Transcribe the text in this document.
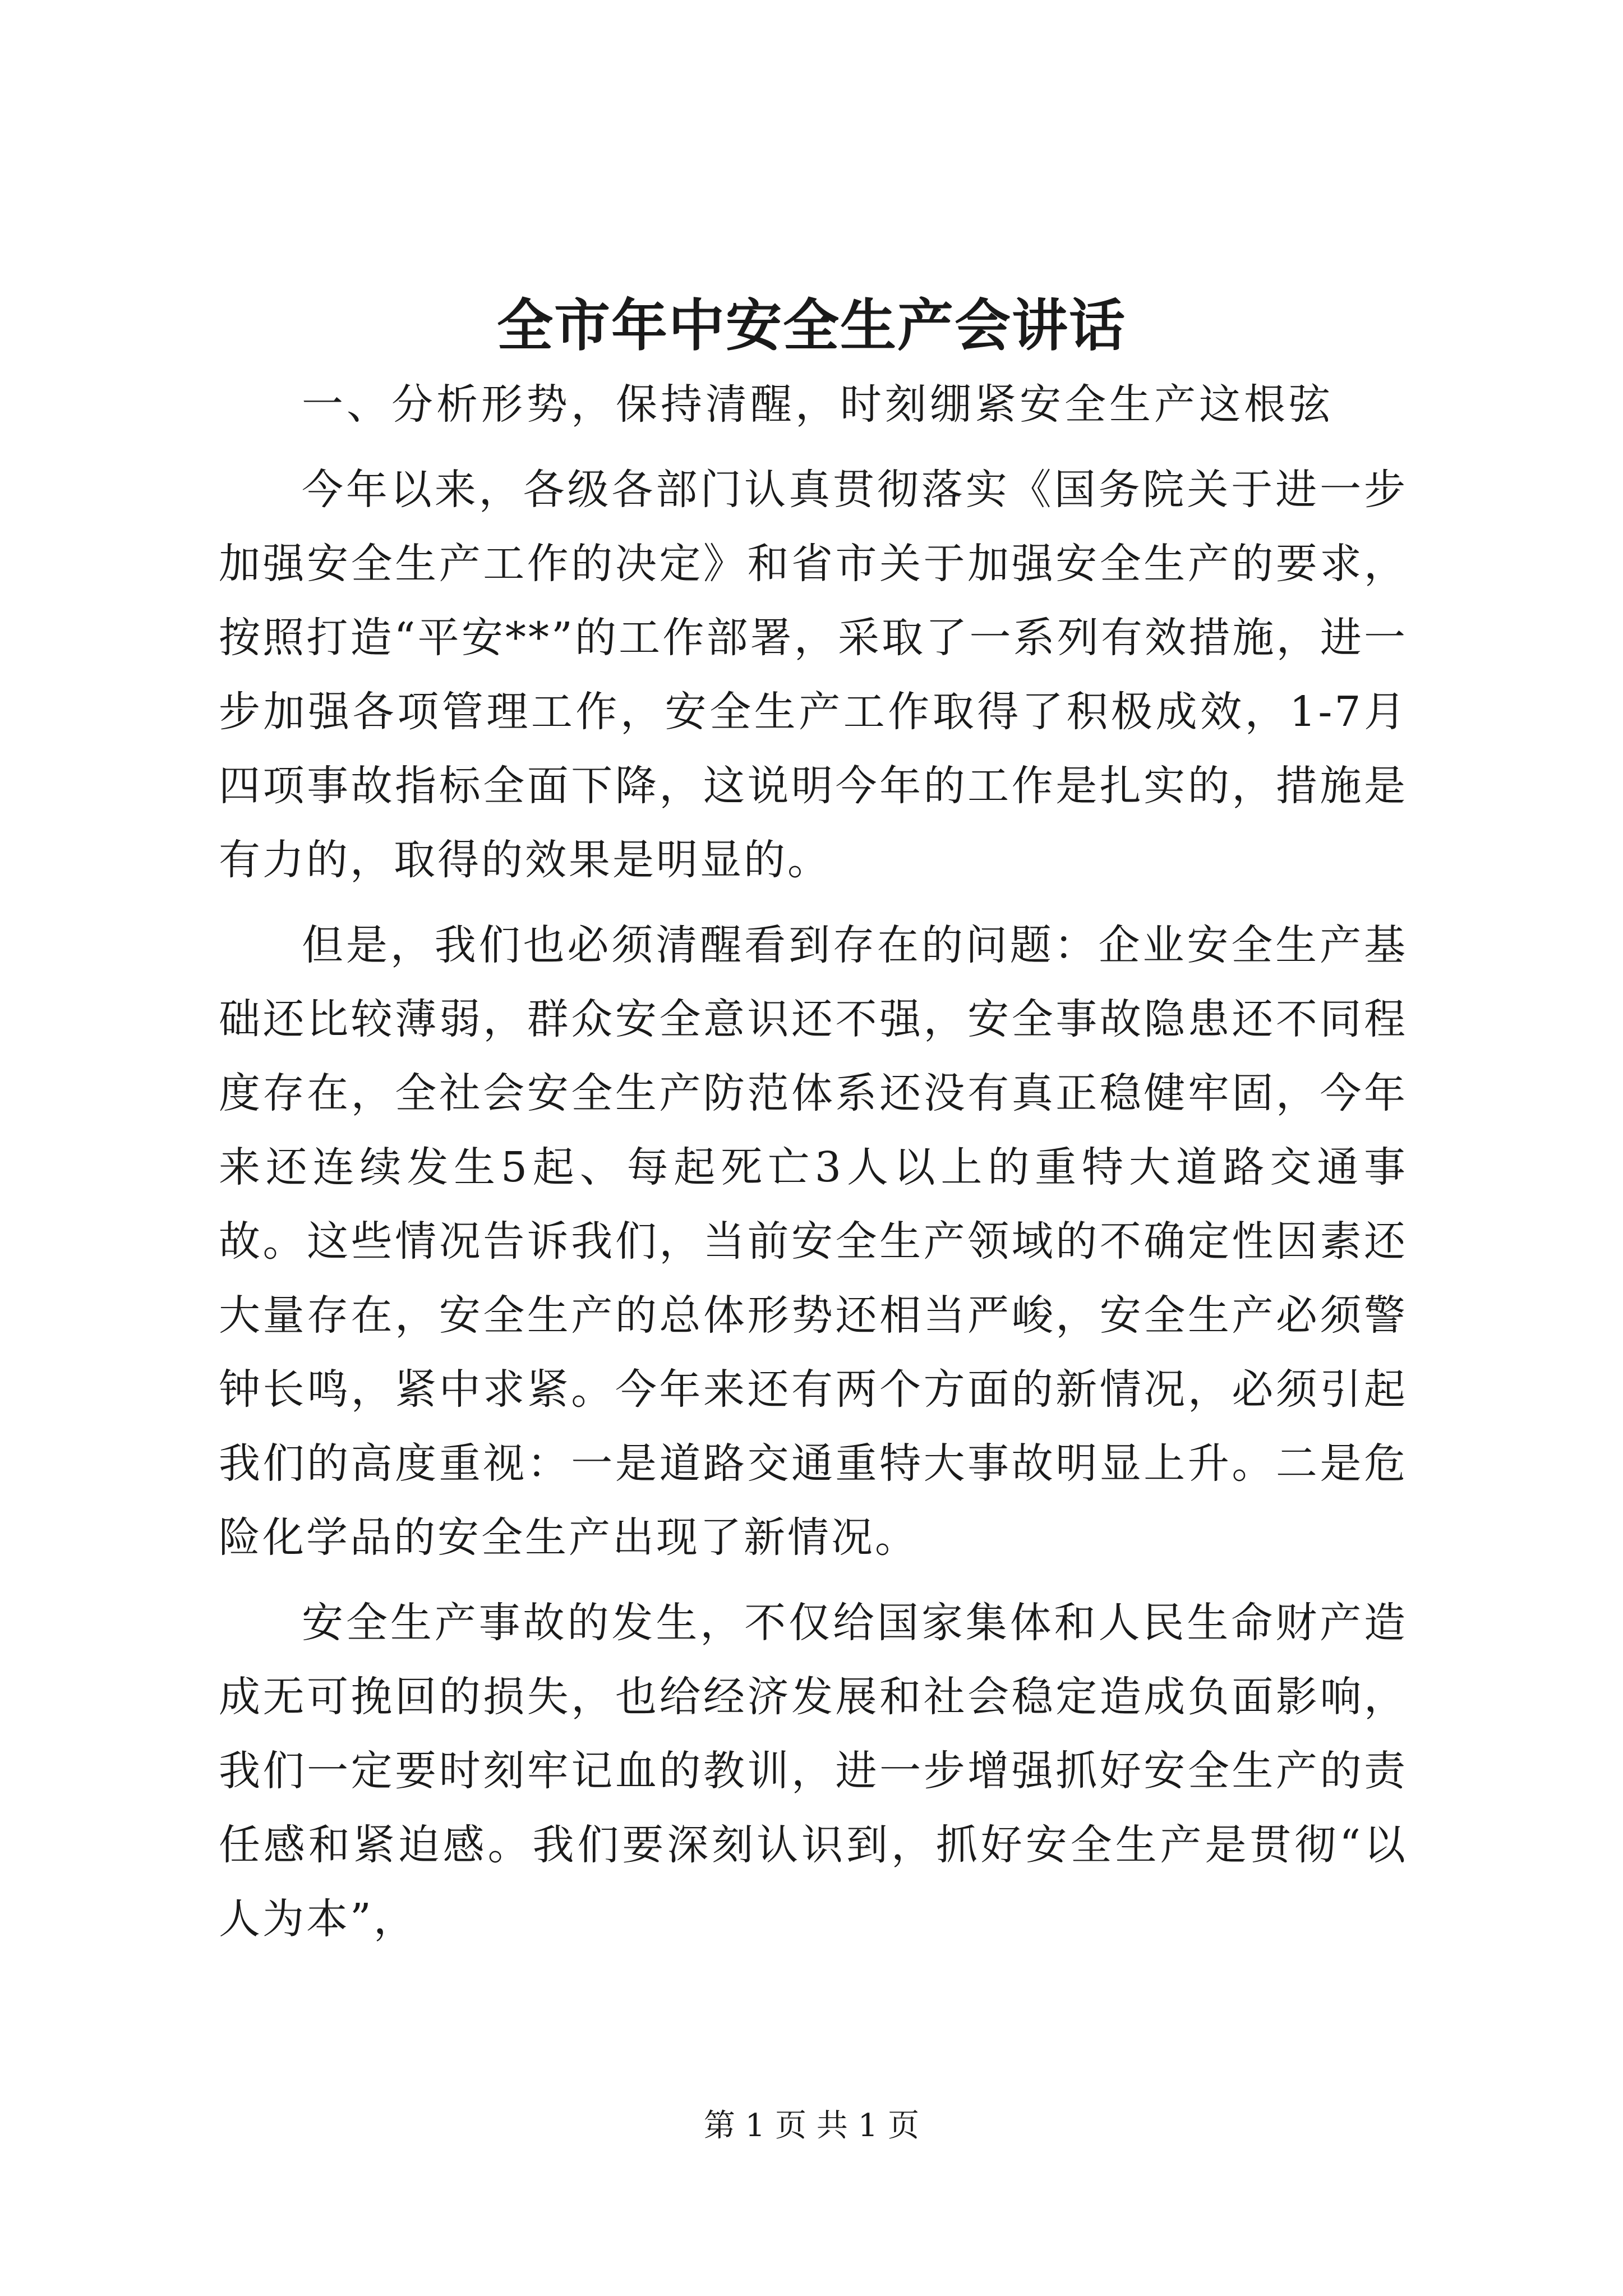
全市年中安全生产会讲话

一、分析形势，保持清醒，时刻绷紧安全生产这根弦

今年以来，各级各部门认真贯彻落实《国务院关于进一步加强安全生产工作的决定》和省市关于加强安全生产的要求，按照打造“平安**”的工作部署，采取了一系列有效措施，进一步加强各项管理工作，安全生产工作取得了积极成效，1-7月四项事故指标全面下降，这说明今年的工作是扎实的，措施是有力的，取得的效果是明显的。

但是，我们也必须清醒看到存在的问题：企业安全生产基础还比较薄弱，群众安全意识还不强，安全事故隐患还不同程度存在，全社会安全生产防范体系还没有真正稳健牢固，今年来还连续发生5起、每起死亡3人以上的重特大道路交通事故。这些情况告诉我们，当前安全生产领域的不确定性因素还大量存在，安全生产的总体形势还相当严峻，安全生产必须警钟长鸣，紧中求紧。今年来还有两个方面的新情况，必须引起我们的高度重视：一是道路交通重特大事故明显上升。二是危险化学品的安全生产出现了新情况。

安全生产事故的发生，不仅给国家集体和人民生命财产造成无可挽回的损失，也给经济发展和社会稳定造成负面影响，我们一定要时刻牢记血的教训，进一步增强抓好安全生产的责任感和紧迫感。我们要深刻认识到，抓好安全生产是贯彻“以人为本”，

第 1 页 共 1 页
